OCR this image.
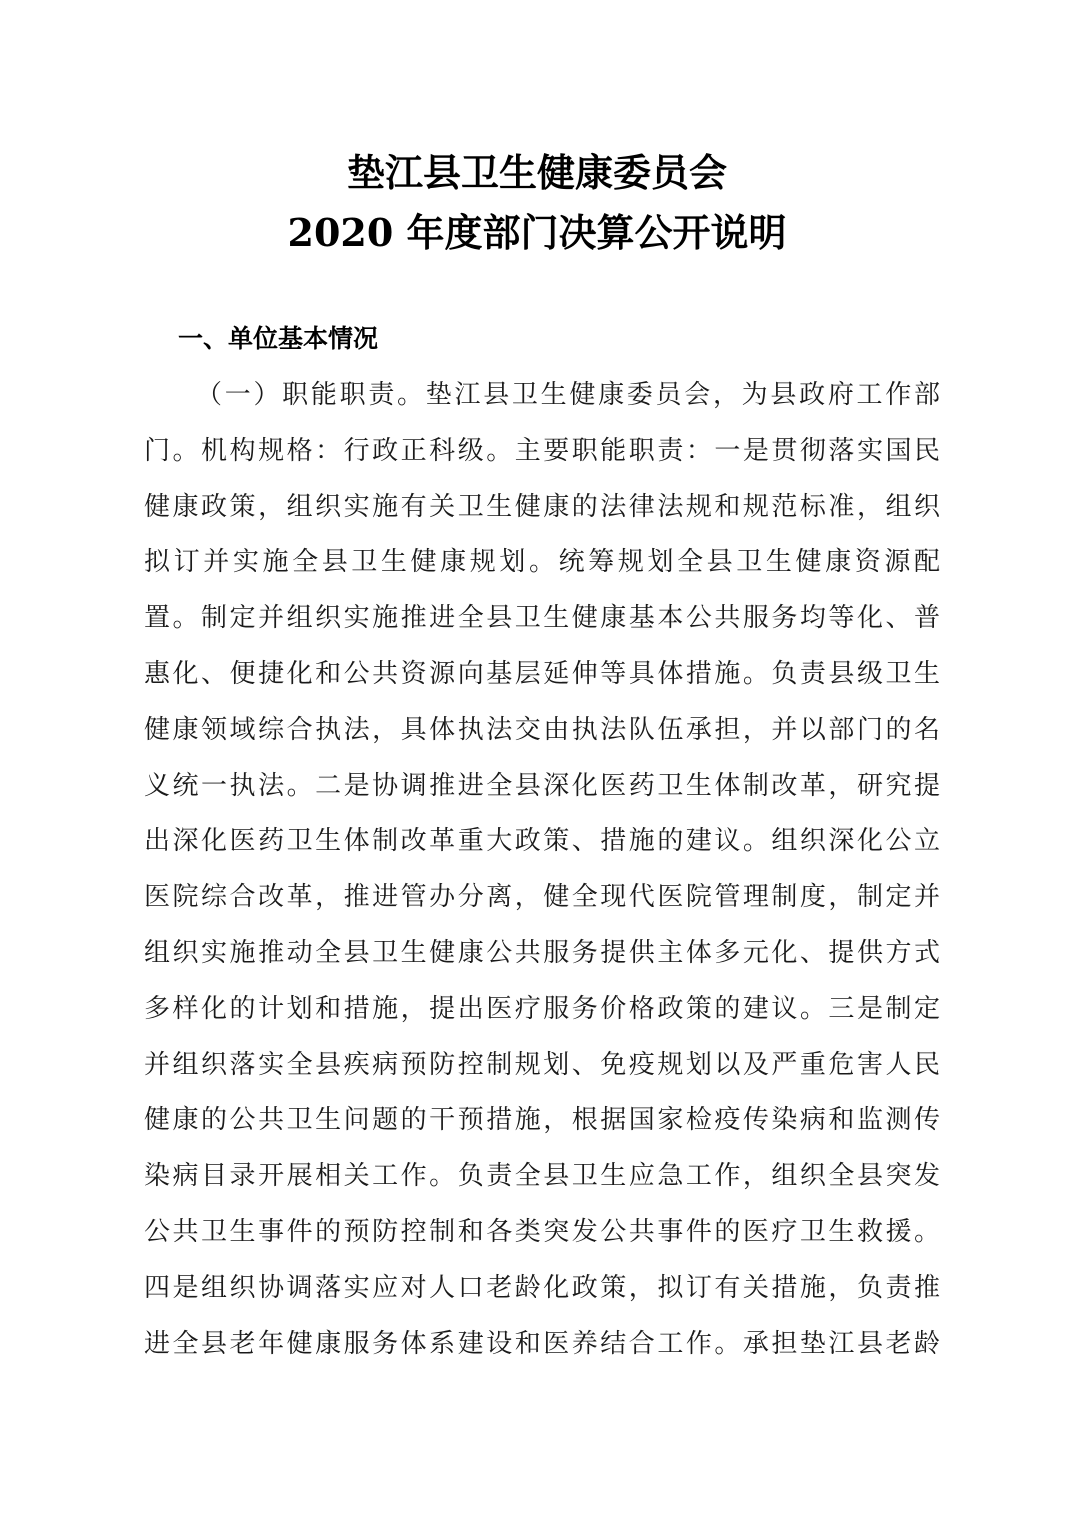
垫江县卫生健康委员会
2020 年度部门决算公开说明
一、单位基本情况
（一）职能职责。垫江县卫生健康委员会，为县政府工作部
门。机构规格：行政正科级。主要职能职责：一是贯彻落实国民
健康政策，组织实施有关卫生健康的法律法规和规范标准，组织
拟订并实施全县卫生健康规划。统筹规划全县卫生健康资源配
置。制定并组织实施推进全县卫生健康基本公共服务均等化、普
惠化、便捷化和公共资源向基层延伸等具体措施。负责县级卫生
健康领域综合执法，具体执法交由执法队伍承担，并以部门的名
义统一执法。二是协调推进全县深化医药卫生体制改革，研究提
出深化医药卫生体制改革重大政策、措施的建议。组织深化公立
医院综合改革，推进管办分离，健全现代医院管理制度，制定并
组织实施推动全县卫生健康公共服务提供主体多元化、提供方式
多样化的计划和措施，提出医疗服务价格政策的建议。三是制定
并组织落实全县疾病预防控制规划、免疫规划以及严重危害人民
健康的公共卫生问题的干预措施，根据国家检疫传染病和监测传
染病目录开展相关工作。负责全县卫生应急工作，组织全县突发
公共卫生事件的预防控制和各类突发公共事件的医疗卫生救援。
四是组织协调落实应对人口老龄化政策，拟订有关措施，负责推
进全县老年健康服务体系建设和医养结合工作。承担垫江县老龄
